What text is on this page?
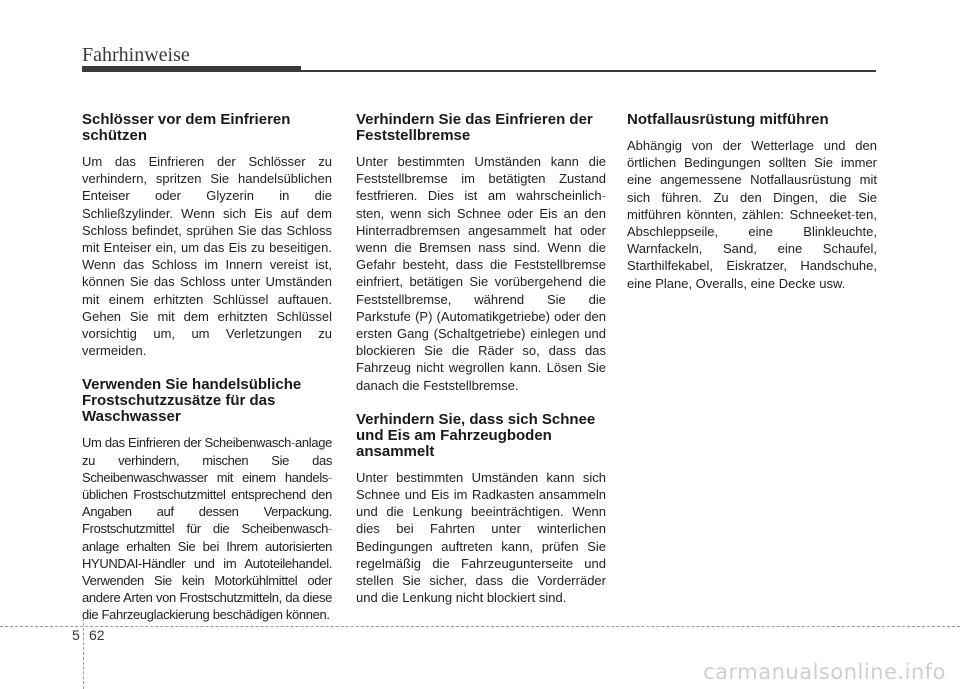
Fahrhinweise
Schlösser vor dem Einfrieren schützen

Um das Einfrieren der Schlösser zu verhindern, spritzen Sie handelsüblichen Enteiser oder Glyzerin in die Schließzylinder. Wenn sich Eis auf dem Schloss befindet, sprühen Sie das Schloss mit Enteiser ein, um das Eis zu beseitigen. Wenn das Schloss im Innern vereist ist, können Sie das Schloss unter Umständen mit einem erhitzten Schlüssel auftauen. Gehen Sie mit dem erhitzten Schlüssel vorsichtig um, um Verletzungen zu vermeiden.

Verwenden Sie handelsübliche Frostschutzzusätze für das Waschwasser

Um das Einfrieren der Scheibenwasch-anlage zu verhindern, mischen Sie das Scheibenwaschwasser mit einem handels-üblichen Frostschutzmittel entsprechend den Angaben auf dessen Verpackung. Frostschutzmittel für die Scheibenwasch-anlage erhalten Sie bei Ihrem autorisierten HYUNDAI-Händler und im Autoteilehandel. Verwenden Sie kein Motorkühlmittel oder andere Arten von Frostschutzmitteln, da diese die Fahrzeuglackierung beschädigen können.

Verhindern Sie das Einfrieren der Feststellbremse

Unter bestimmten Umständen kann die Feststellbremse im betätigten Zustand festfrieren. Dies ist am wahrscheinlich-sten, wenn sich Schnee oder Eis an den Hinterradbremsen angesammelt hat oder wenn die Bremsen nass sind. Wenn die Gefahr besteht, dass die Feststellbremse einfriert, betätigen Sie vorübergehend die Feststellbremse, während Sie die Parkstufe (P) (Automatikgetriebe) oder den ersten Gang (Schaltgetriebe) einlegen und blockieren Sie die Räder so, dass das Fahrzeug nicht wegrollen kann. Lösen Sie danach die Feststellbremse.

Verhindern Sie, dass sich Schnee und Eis am Fahrzeugboden ansammelt

Unter bestimmten Umständen kann sich Schnee und Eis im Radkasten ansammeln und die Lenkung beeinträchtigen. Wenn dies bei Fahrten unter winterlichen Bedingungen auftreten kann, prüfen Sie regelmäßig die Fahrzeugunterseite und stellen Sie sicher, dass die Vorderräder und die Lenkung nicht blockiert sind.

Notfallausrüstung mitführen

Abhängig von der Wetterlage und den örtlichen Bedingungen sollten Sie immer eine angemessene Notfallausrüstung mit sich führen. Zu den Dingen, die Sie mitführen könnten, zählen: Schneeket-ten, Abschleppseile, eine Blinkleuchte, Warnfackeln, Sand, eine Schaufel, Starthilfekabel, Eiskratzer, Handschuhe, eine Plane, Overalls, eine Decke usw.

5 62
carmanualsonline.info
